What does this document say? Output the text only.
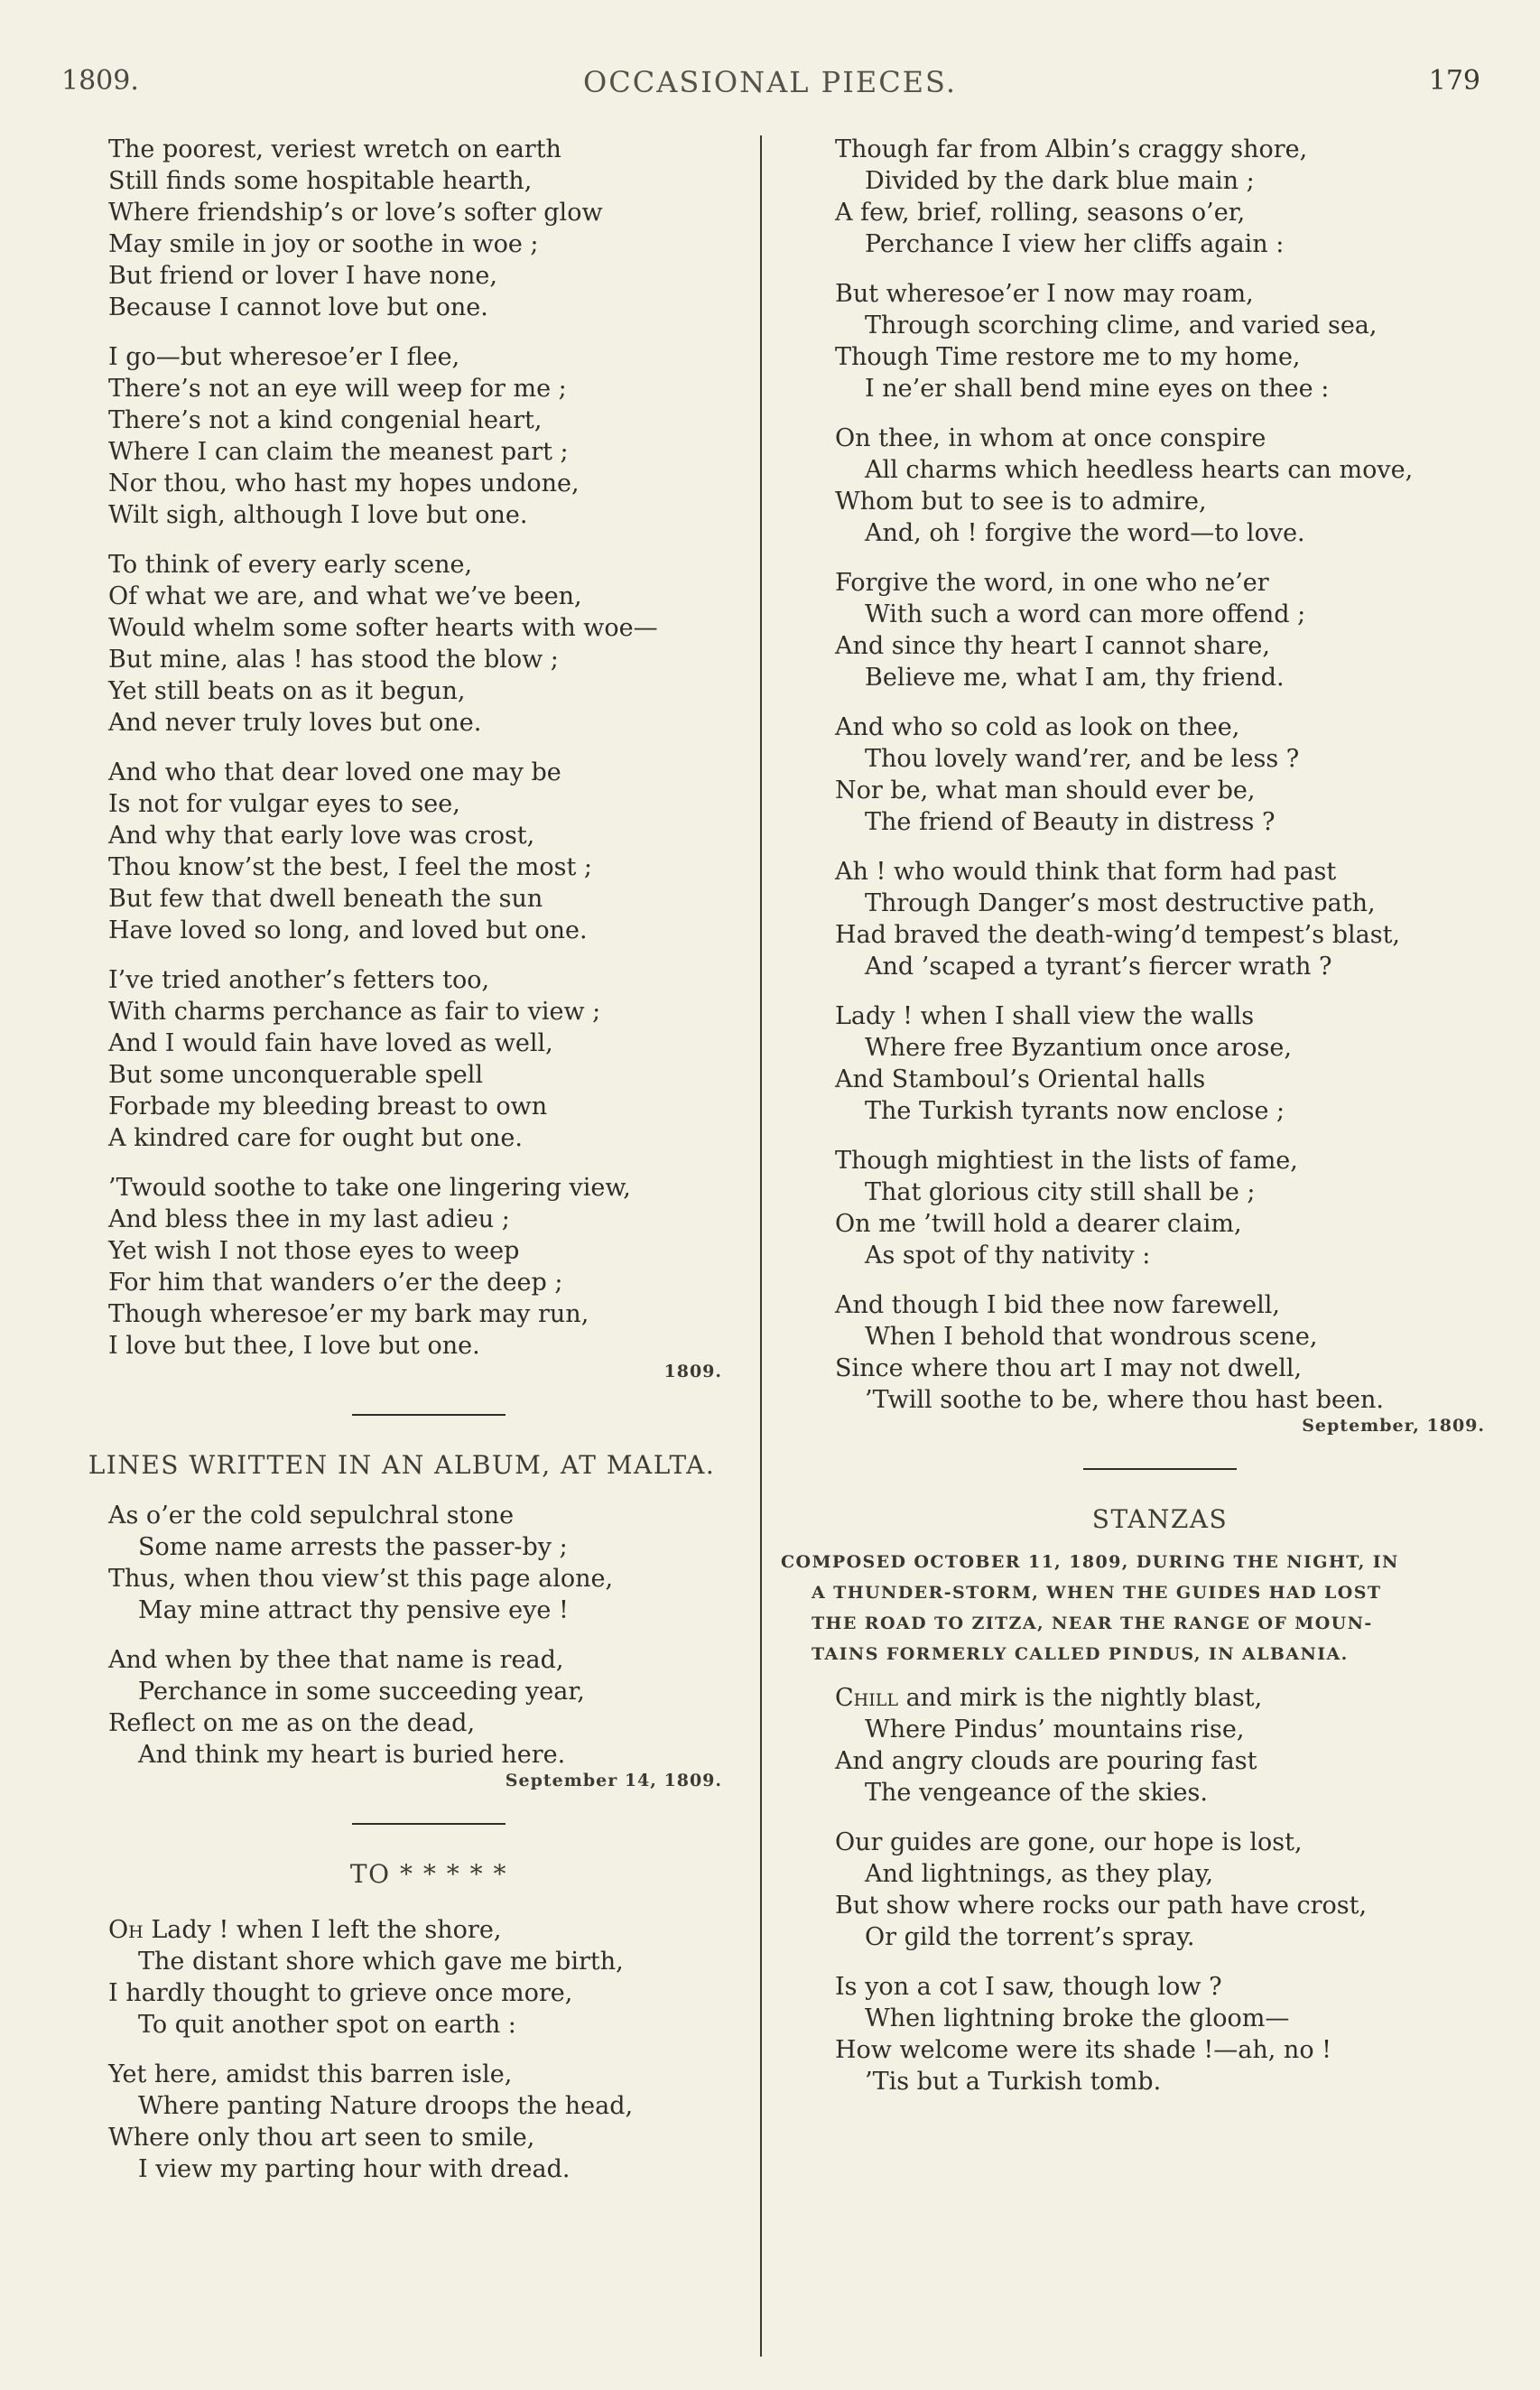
1809.	OCCASIONAL PIECES.	179
The poorest, veriest wretch on earth
Still finds some hospitable hearth,
Where friendship’s or love’s softer glow
May smile in joy or soothe in woe ;
But friend or lover I have none,
Because I cannot love but one.
I go—but wheresoe’er I flee,
There’s not an eye will weep for me ;
There’s not a kind congenial heart,
Where I can claim the meanest part ;
Nor thou, who hast my hopes undone,
Wilt sigh, although I love but one.
To think of every early scene,
Of what we are, and what we’ve been,
Would whelm some softer hearts with woe—
But mine, alas ! has stood the blow ;
Yet still beats on as it begun,
And never truly loves but one.
And who that dear loved one may be
Is not for vulgar eyes to see,
And why that early love was crost,
Thou know’st the best, I feel the most ;
But few that dwell beneath the sun
Have loved so long, and loved but one.
I’ve tried another’s fetters too,
With charms perchance as fair to view ;
And I would fain have loved as well,
But some unconquerable spell
Forbade my bleeding breast to own
A kindred care for ought but one.
’Twould soothe to take one lingering view,
And bless thee in my last adieu ;
Yet wish I not those eyes to weep
For him that wanders o’er the deep ;
Though wheresoe’er my bark may run,
I love but thee, I love but one.
1809.
LINES WRITTEN IN AN ALBUM, AT MALTA.
As o’er the cold sepulchral stone
Some name arrests the passer-by ;
Thus, when thou view’st this page alone,
May mine attract thy pensive eye !
And when by thee that name is read,
Perchance in some succeeding year,
Reflect on me as on the dead,
And think my heart is buried here.
September 14, 1809.
TO * * * * *
Oh Lady ! when I left the shore,
The distant shore which gave me birth,
I hardly thought to grieve once more,
To quit another spot on earth :
Yet here, amidst this barren isle,
Where panting Nature droops the head,
Where only thou art seen to smile,
I view my parting hour with dread.
Though far from Albin’s craggy shore,
Divided by the dark blue main ;
A few, brief, rolling, seasons o’er,
Perchance I view her cliffs again :
But wheresoe’er I now may roam,
Through scorching clime, and varied sea,
Though Time restore me to my home,
I ne’er shall bend mine eyes on thee :
On thee, in whom at once conspire
All charms which heedless hearts can move,
Whom but to see is to admire,
And, oh ! forgive the word—to love.
Forgive the word, in one who ne’er
With such a word can more offend ;
And since thy heart I cannot share,
Believe me, what I am, thy friend.
And who so cold as look on thee,
Thou lovely wand’rer, and be less ?
Nor be, what man should ever be,
The friend of Beauty in distress ?
Ah ! who would think that form had past
Through Danger’s most destructive path,
Had braved the death-wing’d tempest’s blast,
And ’scaped a tyrant’s fiercer wrath ?
Lady ! when I shall view the walls
Where free Byzantium once arose,
And Stamboul’s Oriental halls
The Turkish tyrants now enclose ;
Though mightiest in the lists of fame,
That glorious city still shall be ;
On me ’twill hold a dearer claim,
As spot of thy nativity :
And though I bid thee now farewell,
When I behold that wondrous scene,
Since where thou art I may not dwell,
’Twill soothe to be, where thou hast been.
September, 1809.
STANZAS
COMPOSED OCTOBER 11, 1809, DURING THE NIGHT, IN
A THUNDER-STORM, WHEN THE GUIDES HAD LOST
THE ROAD TO ZITZA, NEAR THE RANGE OF MOUN-
TAINS FORMERLY CALLED PINDUS, IN ALBANIA.
Chill and mirk is the nightly blast,
Where Pindus’ mountains rise,
And angry clouds are pouring fast
The vengeance of the skies.
Our guides are gone, our hope is lost,
And lightnings, as they play,
But show where rocks our path have crost,
Or gild the torrent’s spray.
Is yon a cot I saw, though low ?
When lightning broke the gloom—
How welcome were its shade !—ah, no !
’Tis but a Turkish tomb.
